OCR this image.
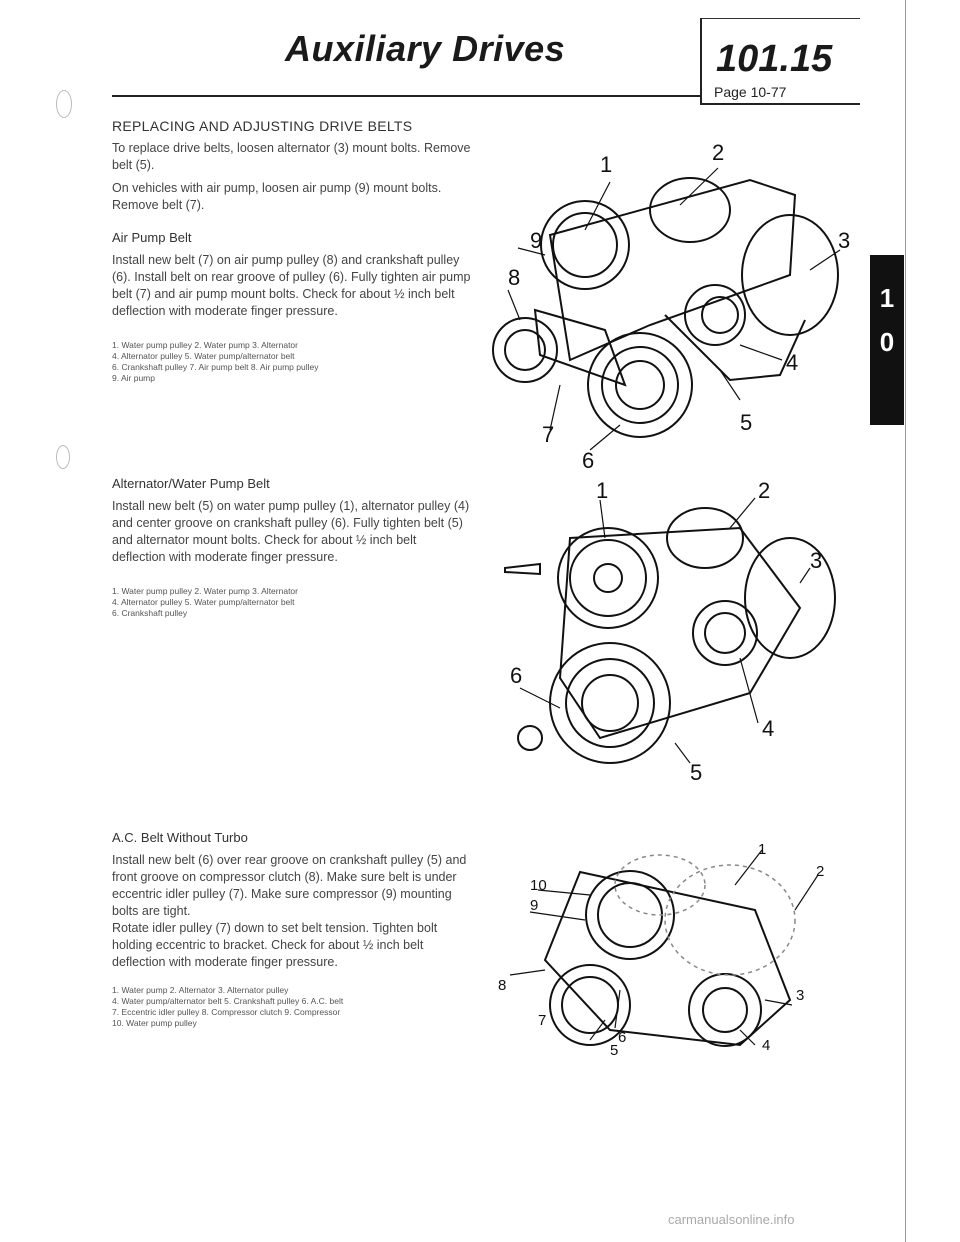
Auxiliary Drives	101.15
Page 10-77
REPLACING AND ADJUSTING DRIVE BELTS
To replace drive belts, loosen alternator (3) mount bolts. Remove belt (5).
On vehicles with air pump, loosen air pump (9) mount bolts. Remove belt (7).
Air Pump Belt
Install new belt (7) on air pump pulley (8) and crankshaft pulley (6). Install belt on rear groove of pulley (6). Fully tighten air pump belt (7) and air pump mount bolts. Check for about ½ inch belt deflection with moderate finger pressure.
1. Water pump pulley 2. Water pump 3. Alternator
4. Alternator pulley 5. Water pump/alternator belt
6. Crankshaft pulley 7. Air pump belt 8. Air pump pulley
9. Air pump
Alternator/Water Pump Belt
Install new belt (5) on water pump pulley (1), alternator pulley (4) and center groove on crankshaft pulley (6). Fully tighten belt (5) and alternator mount bolts. Check for about ½ inch belt deflection with moderate finger pressure.
1. Water pump pulley 2. Water pump 3. Alternator
4. Alternator pulley 5. Water pump/alternator belt
6. Crankshaft pulley
A.C. Belt Without Turbo
Install new belt (6) over rear groove on crankshaft pulley (5) and front groove on compressor clutch (8). Make sure belt is under eccentric idler pulley (7). Make sure compressor (9) mounting bolts are tight.
Rotate idler pulley (7) down to set belt tension. Tighten bolt holding eccentric to bracket. Check for about ½ inch belt deflection with moderate finger pressure.
1. Water pump 2. Alternator 3. Alternator pulley
4. Water pump/alternator belt 5. Crankshaft pulley 6. A.C. belt
7. Eccentric idler pulley 8. Compressor clutch 9. Compressor
10. Water pump pulley
1
0
1	2
3
4
5
6
7
8
9
1	2
3
4
5
6
1
2
3
4
5
6
7
8
9
10
carmanualsonline.info
